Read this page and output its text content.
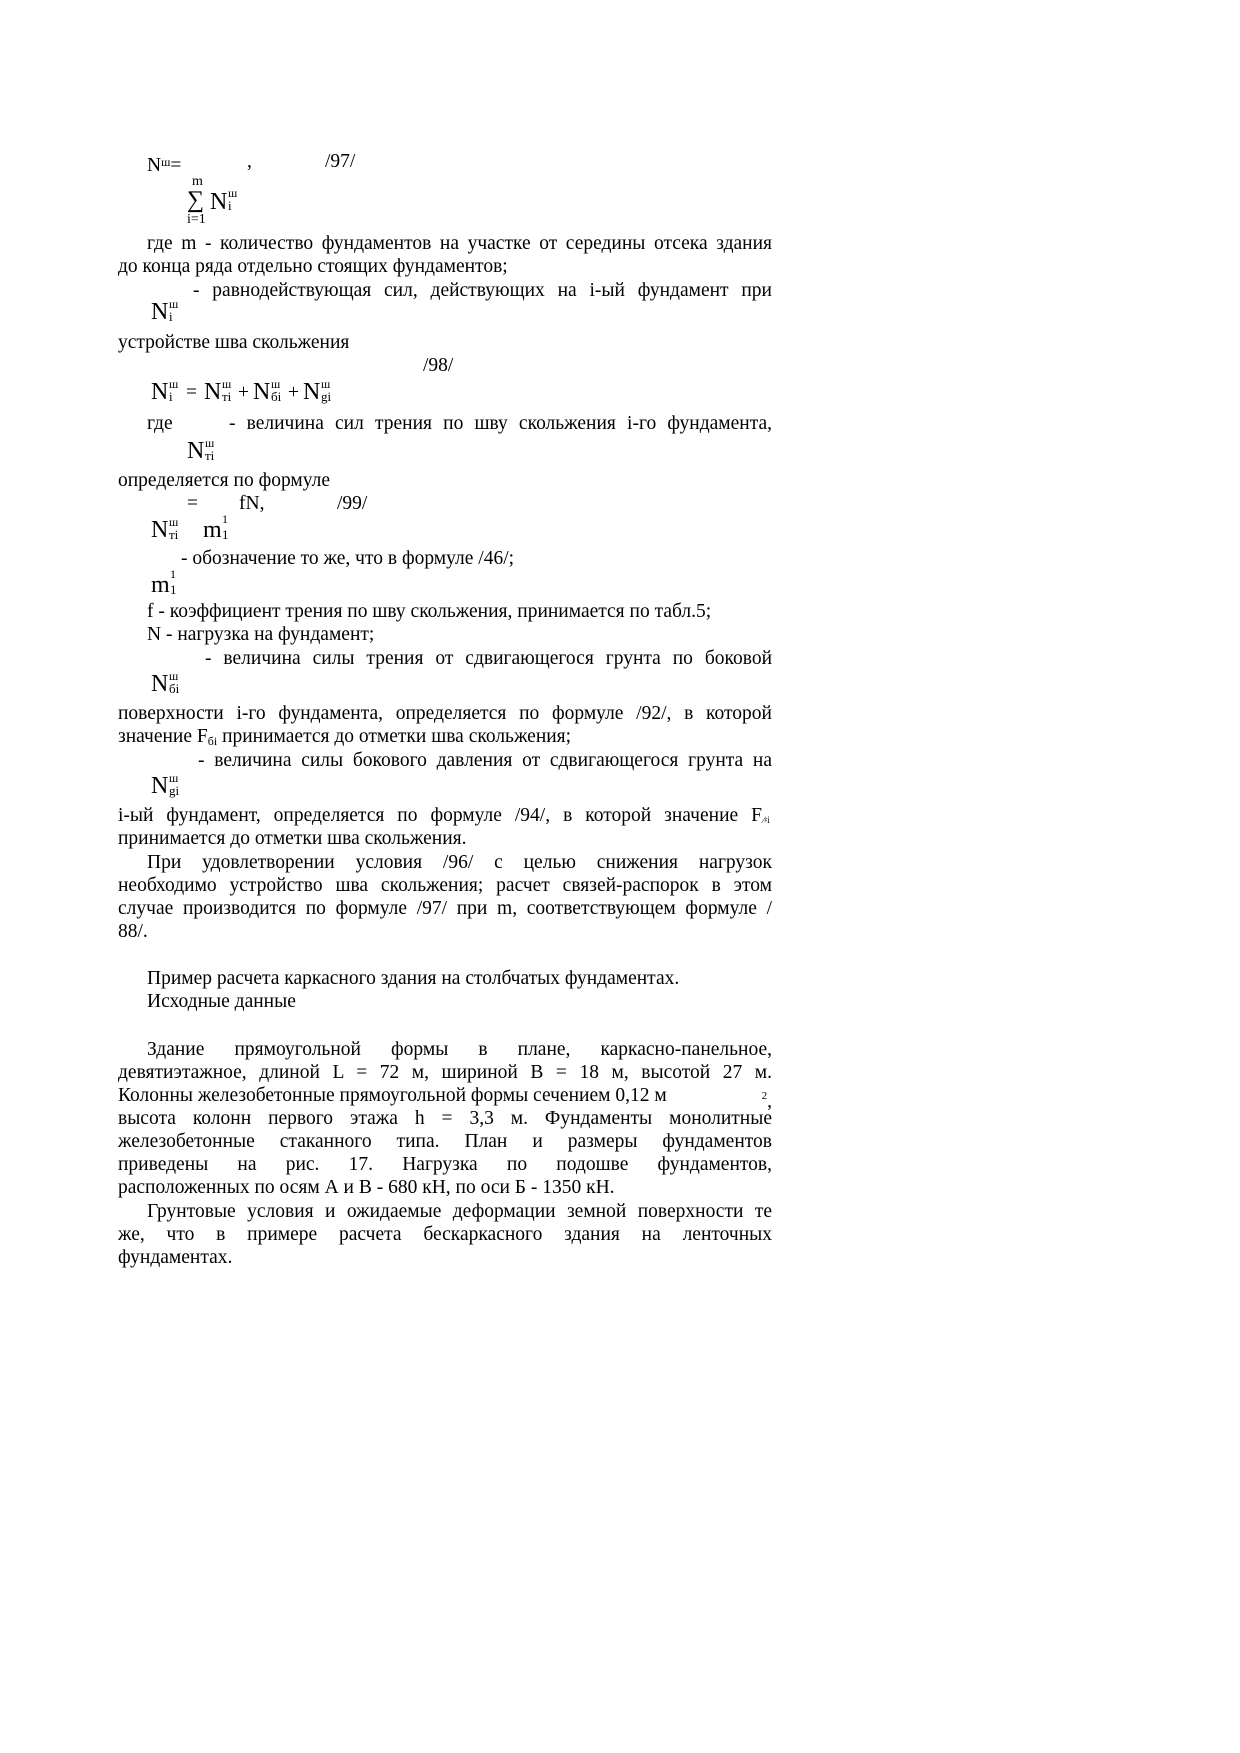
$N^ш=$	,	/97/
m
∑ N ш
i
i=1
где m - количество фундаментов на участке от середины отсека здания
до конца ряда отдельно стоящих фундаментов;
- равнодействующая сил, действующих на i-ый фундамент при
N ш
i
устройстве шва скольжения
/98/
N ш
i = N ш
тi + N ш
бi + N ш
gi
где	- величина сил трения по шву скольжения i-го фундамента,
N ш
тi
определяется по формуле
= fN,	/99/
N ш
тi m 1
1
- обозначение то же, что в формуле /46/;
m 1
1
f - коэффициент трения по шву скольжения, принимается по табл.5;
N - нагрузка на фундамент;
- величина силы трения от сдвигающегося грунта по боковой
N ш
бi
поверхности i-го фундамента, определяется по формуле /92/, в которой
значение Fбi принимается до отметки шва скольжения;
- величина силы бокового давления от сдвигающегося грунта на
N ш
gi
i-ый фундамент, определяется по формуле /94/, в которой значение F ⁄ᵍi
принимается до отметки шва скольжения.
При удовлетворении условия /96/ с целью снижения нагрузок
необходимо устройство шва скольжения; расчет связей-распорок в этом
случае производится по формуле /97/ при m, соответствующем формуле /
88/.
Пример расчета каркасного здания на столбчатых фундаментах.
Исходные данные
Здание прямоугольной формы в плане, каркасно-панельное,
девятиэтажное, длиной L = 72 м, шириной B = 18 м, высотой 27 м.
Колонны железобетонные прямоугольной формы сечением 0,12 м	$^2$,
высота колонн первого этажа h = 3,3 м. Фундаменты монолитные
железобетонные стаканного типа. План и размеры фундаментов
приведены на рис. 17. Нагрузка по подошве фундаментов,
расположенных по осям А и В - 680 кН, по оси Б - 1350 кН.
Грунтовые условия и ожидаемые деформации земной поверхности те
же, что в примере расчета бескаркасного здания на ленточных
фундаментах.
